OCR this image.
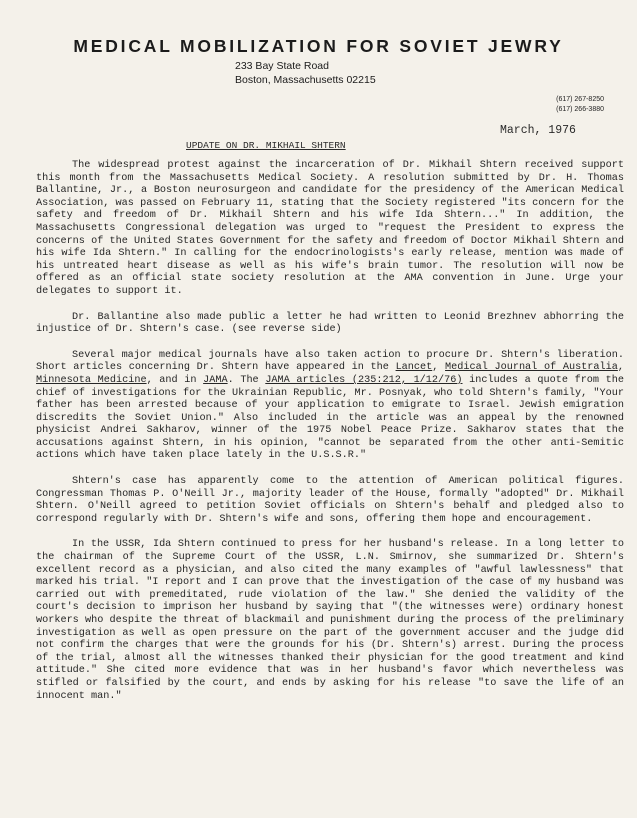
MEDICAL MOBILIZATION FOR SOVIET JEWRY
233 Bay State Road
Boston, Massachusetts 02215
(617) 267-8250
(617) 266-3880
March, 1976
UPDATE ON DR. MIKHAIL SHTERN

The widespread protest against the incarceration of Dr. Mikhail Shtern received support this month from the Massachusetts Medical Society. A resolution submitted by Dr. H. Thomas Ballantine, Jr., a Boston neurosurgeon and candidate for the presidency of the American Medical Association, was passed on February 11, stating that the Society registered "its concern for the safety and freedom of Dr. Mikhail Shtern and his wife Ida Shtern..." In addition, the Massachusetts Congressional delegation was urged to "request the President to express the concerns of the United States Government for the safety and freedom of Doctor Mikhail Shtern and his wife Ida Shtern." In calling for the endocrinologists's early release, mention was made of his untreated heart disease as well as his wife's brain tumor. The resolution will now be offered as an official state society resolution at the AMA convention in June. Urge your delegates to support it.

Dr. Ballantine also made public a letter he had written to Leonid Brezhnev abhorring the injustice of Dr. Shtern's case. (see reverse side)

Several major medical journals have also taken action to procure Dr. Shtern's liberation. Short articles concerning Dr. Shtern have appeared in the Lancet, Medical Journal of Australia, Minnesota Medicine, and in JAMA. The JAMA articles (235:212, 1/12/76) includes a quote from the chief of investigations for the Ukrainian Republic, Mr. Posnyak, who told Shtern's family, "Your father has been arrested because of your application to emigrate to Israel. Jewish emigration discredits the Soviet Union." Also included in the article was an appeal by the renowned physicist Andrei Sakharov, winner of the 1975 Nobel Peace Prize. Sakharov states that the accusations against Shtern, in his opinion, "cannot be separated from the other anti-Semitic actions which have taken place lately in the U.S.S.R."

Shtern's case has apparently come to the attention of American political figures. Congressman Thomas P. O'Neill Jr., majority leader of the House, formally "adopted" Dr. Mikhail Shtern. O'Neill agreed to petition Soviet officials on Shtern's behalf and pledged also to correspond regularly with Dr. Shtern's wife and sons, offering them hope and encouragement.

In the USSR, Ida Shtern continued to press for her husband's release. In a long letter to the chairman of the Supreme Court of the USSR, L.N. Smirnov, she summarized Dr. Shtern's excellent record as a physician, and also cited the many examples of "awful lawlessness" that marked his trial. "I report and I can prove that the investigation of the case of my husband was carried out with premeditated, rude violation of the law." She denied the validity of the court's decision to imprison her husband by saying that "(the witnesses were) ordinary honest workers who despite the threat of blackmail and punishment during the process of the preliminary investigation as well as open pressure on the part of the government accuser and the judge did not confirm the charges that were the grounds for his (Dr. Shtern's) arrest. During the process of the trial, almost all the witnesses thanked their physician for the good treatment and kind attitude." She cited more evidence that was in her husband's favor which nevertheless was stifled or falsified by the court, and ends by asking for his release "to save the life of an innocent man."
